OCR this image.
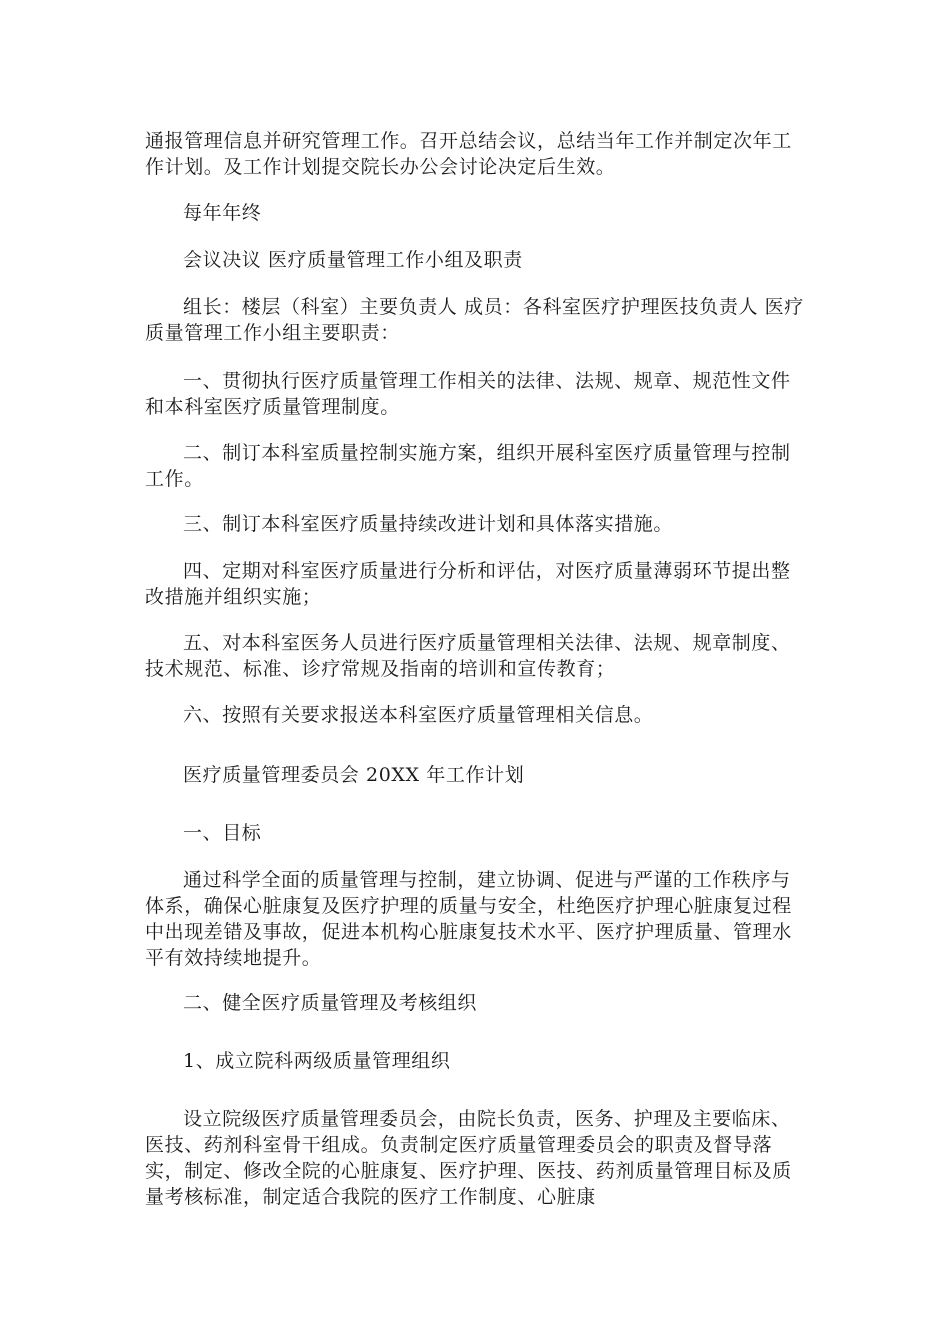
通报管理信息并研究管理工作。召开总结会议，总结当年工作并制定次年工作计划。及工作计划提交院长办公会讨论决定后生效。

每年年终

会议决议 医疗质量管理工作小组及职责

组长：楼层（科室）主要负责人 成员：各科室医疗护理医技负责人 医疗质量管理工作小组主要职责：

一、贯彻执行医疗质量管理工作相关的法律、法规、规章、规范性文件和本科室医疗质量管理制度。

二、制订本科室质量控制实施方案，组织开展科室医疗质量管理与控制工作。

三、制订本科室医疗质量持续改进计划和具体落实措施。

四、定期对科室医疗质量进行分析和评估，对医疗质量薄弱环节提出整改措施并组织实施；

五、对本科室医务人员进行医疗质量管理相关法律、法规、规章制度、技术规范、标准、诊疗常规及指南的培训和宣传教育；

六、按照有关要求报送本科室医疗质量管理相关信息。

医疗质量管理委员会 20XX 年工作计划

一、目标

通过科学全面的质量管理与控制，建立协调、促进与严谨的工作秩序与体系，确保心脏康复及医疗护理的质量与安全，杜绝医疗护理心脏康复过程中出现差错及事故，促进本机构心脏康复技术水平、医疗护理质量、管理水平有效持续地提升。

二、健全医疗质量管理及考核组织

1、成立院科两级质量管理组织

设立院级医疗质量管理委员会，由院长负责，医务、护理及主要临床、医技、药剂科室骨干组成。负责制定医疗质量管理委员会的职责及督导落实，制定、修改全院的心脏康复、医疗护理、医技、药剂质量管理目标及质量考核标准，制定适合我院的医疗工作制度、心脏康
